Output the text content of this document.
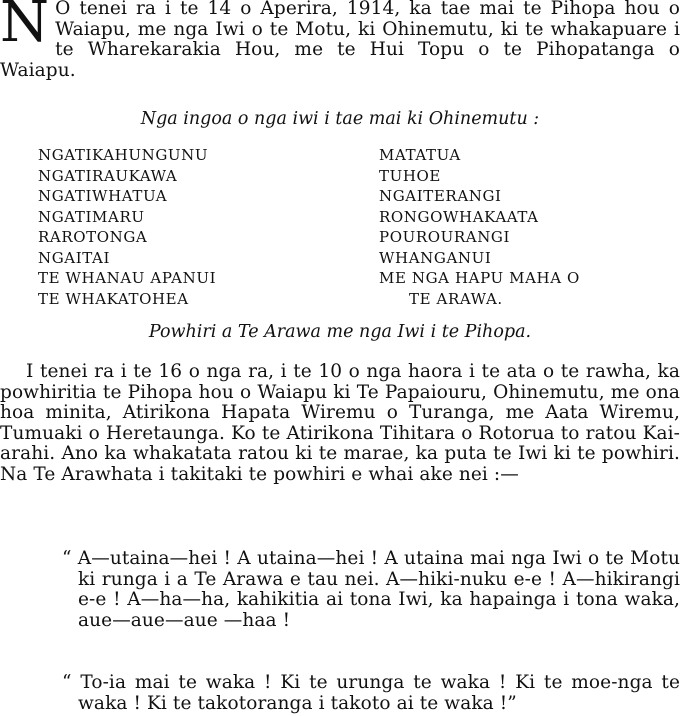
N O tenei ra i te 14 o Aperira, 1914, ka tae mai te Pihopa hou o Waiapu, me nga Iwi o te Motu, ki Ohinemutu, ki te whakapuare i te Wharekarakia Hou, me te Hui Topu o te Pihopatanga o Waiapu.

Nga ingoa o nga iwi i tae mai ki Ohinemutu :
NGATIKAHUNGUNU
NGATIRAUKAWA
NGATIWHATUA
NGATIMARU
RAROTONGA
NGAITAI
TE WHANAU APANUI
TE WHAKATOHEA
MATATUA
TUHOE
NGAITERANGI
RONGOWHAKAATA
POUROURANGI
WHANGANUI
ME NGA HAPU MAHA O
TE ARAWA.
Powhiri a Te Arawa me nga Iwi i te Pihopa.

I tenei ra i te 16 o nga ra, i te 10 o nga haora i te ata o te rawha, ka powhiritia te Pihopa hou o Waiapu ki Te Papaiouru, Ohinemutu, me ona hoa minita, Atirikona Hapata Wiremu o Turanga, me Aata Wiremu, Tumuaki o Heretaunga. Ko te Atirikona Tihitara o Rotorua to ratou Kai-arahi. Ano ka whakatata ratou ki te marae, ka puta te Iwi ki te powhiri. Na Te Arawhata i takitaki te powhiri e whai ake nei :—

“ A—utaina—hei ! A utaina—hei ! A utaina mai nga Iwi o te Motu ki runga i a Te Arawa e tau nei. A—hiki-nuku e-e ! A—hikirangi e-e ! A—ha—ha, kahikitia ai tona Iwi, ka hapainga i tona waka, aue—aue—aue —haa !

“ To-ia mai te waka ! Ki te urunga te waka ! Ki te moe-nga te waka ! Ki te takotoranga i takoto ai te waka !”
